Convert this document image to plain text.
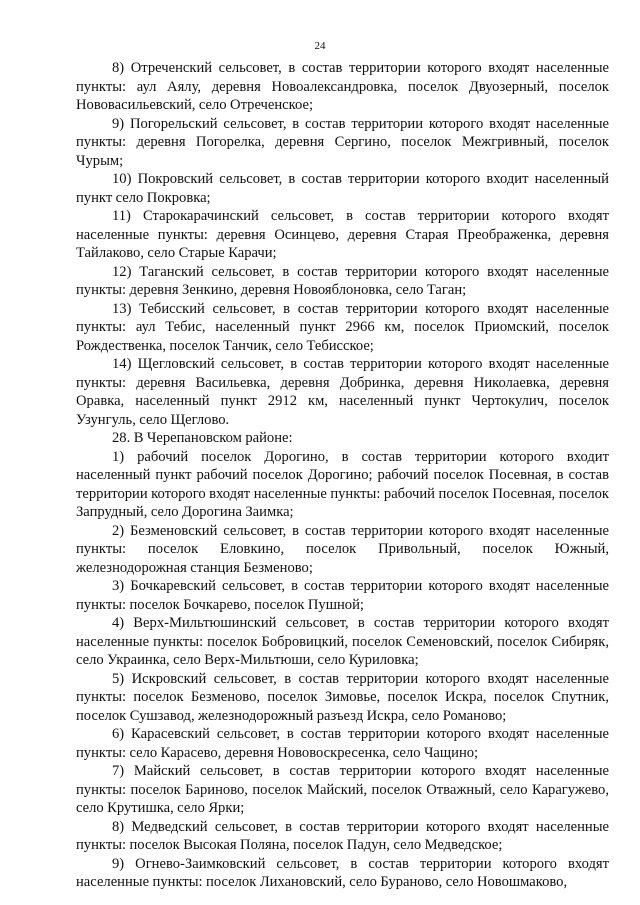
24

8) Отреченский сельсовет, в состав территории которого входят населенные пункты: аул Аялу, деревня Новоалександровка, поселок Двуозерный, поселок Нововасильевский, село Отреченское;

9) Погорельский сельсовет, в состав территории которого входят населенные пункты: деревня Погорелка, деревня Сергино, поселок Межгривный, поселок Чурым;

10) Покровский сельсовет, в состав территории которого входит населенный пункт село Покровка;

11) Старокарачинский сельсовет, в состав территории которого входят населенные пункты: деревня Осинцево, деревня Старая Преображенка, деревня Тайлаково, село Старые Карачи;

12) Таганский сельсовет, в состав территории которого входят населенные пункты: деревня Зенкино, деревня Новояблоновка, село Таган;

13) Тебисский сельсовет, в состав территории которого входят населенные пункты: аул Тебис, населенный пункт 2966 км, поселок Приомский, поселок Рождественка, поселок Танчик, село Тебисское;

14) Щегловский сельсовет, в состав территории которого входят населенные пункты: деревня Васильевка, деревня Добринка, деревня Николаевка, деревня Оравка, населенный пункт 2912 км, населенный пункт Чертокулич, поселок Узунгуль, село Щеглово.

28. В Черепановском районе:

1) рабочий поселок Дорогино, в состав территории которого входит населенный пункт рабочий поселок Дорогино; рабочий поселок Посевная, в состав территории которого входят населенные пункты: рабочий поселок Посевная, поселок Запрудный, село Дорогина Заимка;

2) Безменовский сельсовет, в состав территории которого входят населенные пункты: поселок Еловкино, поселок Привольный, поселок Южный, железнодорожная станция Безменово;

3) Бочкаревский сельсовет, в состав территории которого входят населенные пункты: поселок Бочкарево, поселок Пушной;

4) Верх-Мильтюшинский сельсовет, в состав территории которого входят населенные пункты: поселок Бобровицкий, поселок Семеновский, поселок Сибиряк, село Украинка, село Верх-Мильтюши, село Куриловка;

5) Искровский сельсовет, в состав территории которого входят населенные пункты: поселок Безменово, поселок Зимовье, поселок Искра, поселок Спутник, поселок Сушзавод, железнодорожный разъезд Искра, село Романово;

6) Карасевский сельсовет, в состав территории которого входят населенные пункты: село Карасево, деревня Нововоскресенка, село Чащино;

7) Майский сельсовет, в состав территории которого входят населенные пункты: поселок Бариново, поселок Майский, поселок Отважный, село Карагужево, село Крутишка, село Ярки;

8) Медведский сельсовет, в состав территории которого входят населенные пункты: поселок Высокая Поляна, поселок Падун, село Медведское;

9) Огнево-Заимковский сельсовет, в состав территории которого входят населенные пункты: поселок Лихановский, село Бураново, село Новошмаково,
